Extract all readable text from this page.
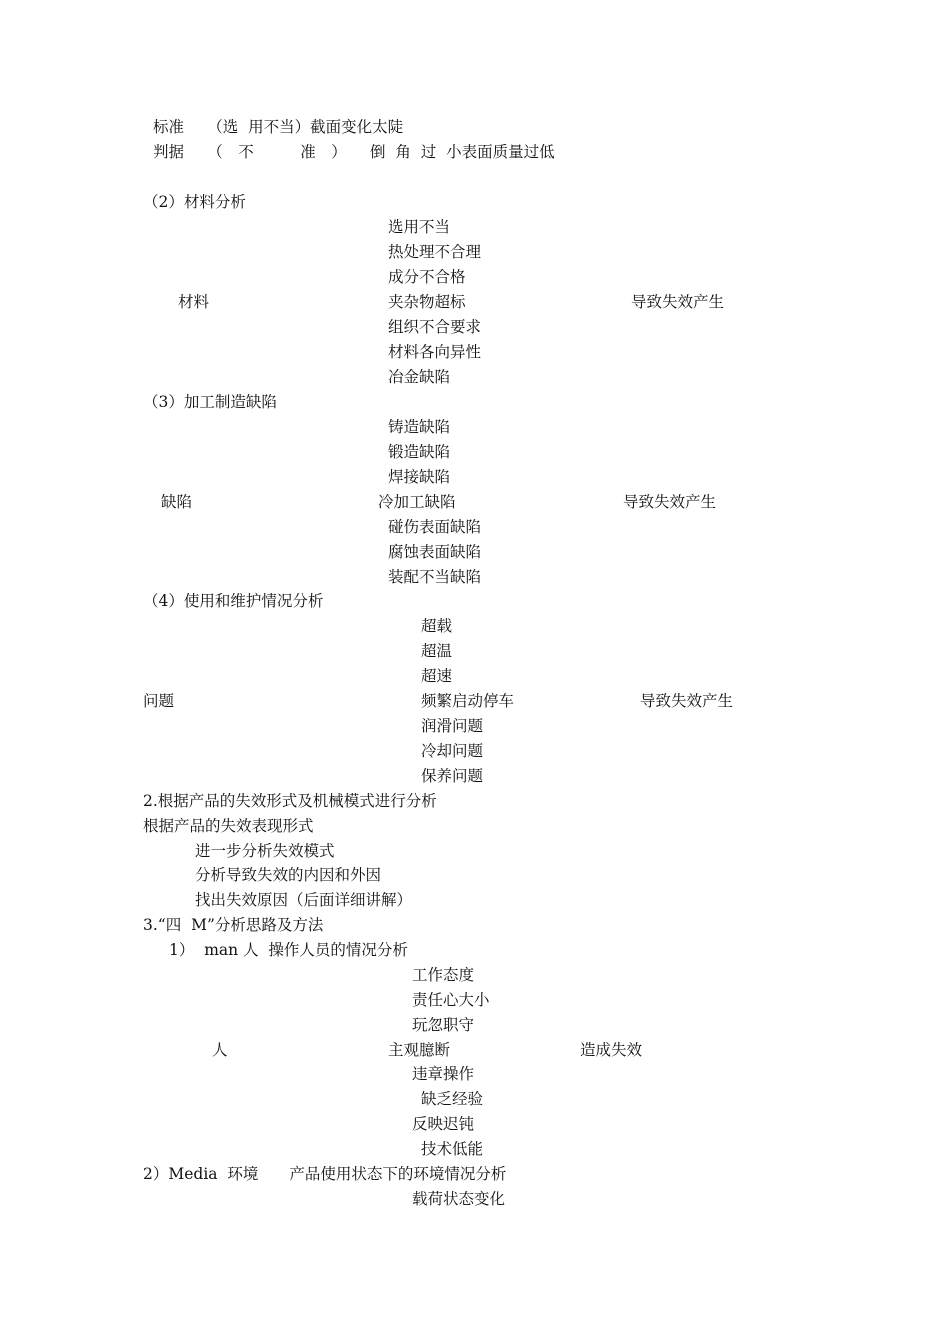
标准　　（选  用不当）截面变化太陡
判据　　（　不　　　准　）　　倒  角  过  小表面质量过低
（2）材料分析
选用不当
热处理不合理
成分不合格
材料	夹杂物超标	导致失效产生
组织不合要求
材料各向异性
冶金缺陷
（3）加工制造缺陷
铸造缺陷
锻造缺陷
焊接缺陷
缺陷	冷加工缺陷	导致失效产生
碰伤表面缺陷
腐蚀表面缺陷
装配不当缺陷
（4）使用和维护情况分析
超载
超温
超速
问题	频繁启动停车	导致失效产生
润滑问题
冷却问题
保养问题
2.根据产品的失效形式及机械模式进行分析
根据产品的失效表现形式
进一步分析失效模式
分析导致失效的内因和外因
找出失效原因（后面详细讲解）
3.“四  M”分析思路及方法
1）  man 人  操作人员的情况分析
工作态度
责任心大小
玩忽职守
人	主观臆断	造成失效
违章操作
缺乏经验
反映迟钝
技术低能
2）Media  环境　　产品使用状态下的环境情况分析
载荷状态变化
